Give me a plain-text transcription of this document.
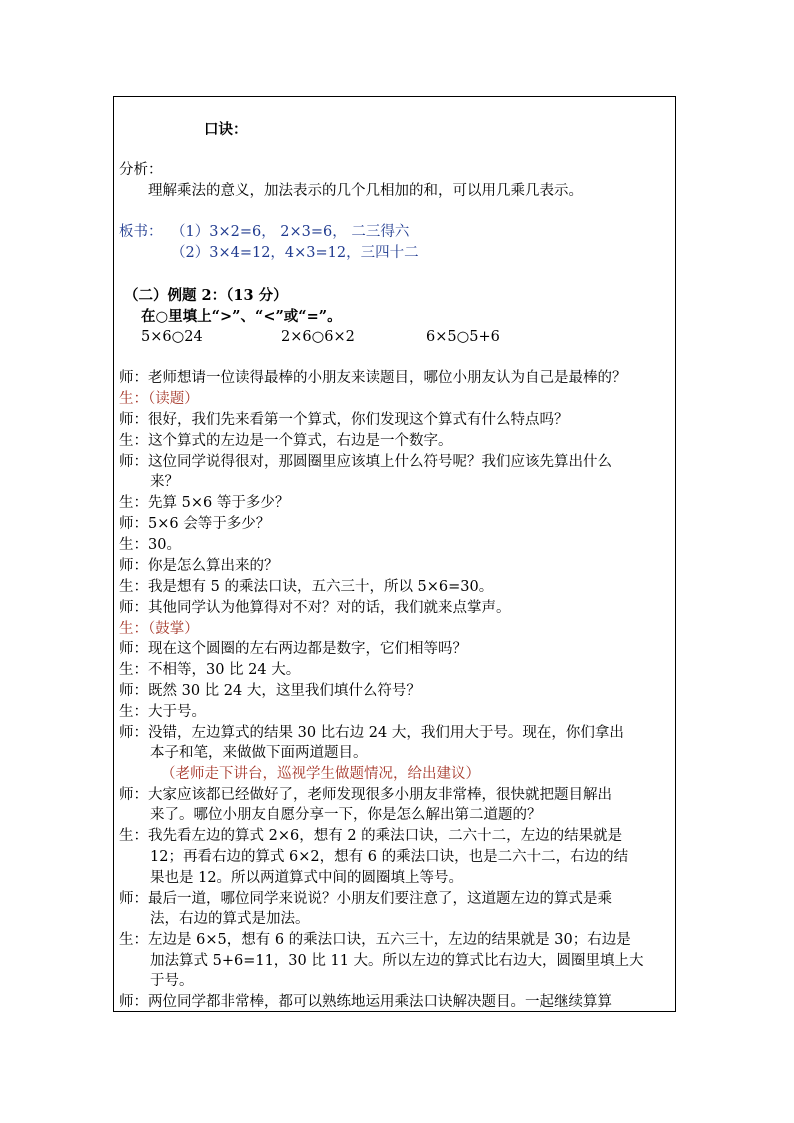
口诀：
分析：
理解乘法的意义，加法表示的几个几相加的和，可以用几乘几表示。
板书： （1）3×2=6， 2×3=6， 二三得六
（2）3×4=12，4×3=12，三四十二
（二）例题 2：（13 分）
在○里填上“>”、“<”或“=”。
5×6○24	2×6○6×2	6×5○5+6
师：老师想请一位读得最棒的小朋友来读题目，哪位小朋友认为自己是最棒的？
生：（读题）
师：很好，我们先来看第一个算式，你们发现这个算式有什么特点吗？
生：这个算式的左边是一个算式，右边是一个数字。
师：这位同学说得很对，那圆圈里应该填上什么符号呢？我们应该先算出什么
来？
生：先算 5×6 等于多少？
师：5×6 会等于多少？
生：30。
师：你是怎么算出来的？
生：我是想有 5 的乘法口诀，五六三十，所以 5×6=30。
师：其他同学认为他算得对不对？对的话，我们就来点掌声。
生：（鼓掌）
师：现在这个圆圈的左右两边都是数字，它们相等吗？
生：不相等，30 比 24 大。
师：既然 30 比 24 大，这里我们填什么符号？
生：大于号。
师：没错，左边算式的结果 30 比右边 24 大，我们用大于号。现在，你们拿出
本子和笔，来做做下面两道题目。
（老师走下讲台，巡视学生做题情况，给出建议）
师：大家应该都已经做好了，老师发现很多小朋友非常棒，很快就把题目解出
来了。哪位小朋友自愿分享一下，你是怎么解出第二道题的？
生：我先看左边的算式 2×6，想有 2 的乘法口诀，二六十二，左边的结果就是
12；再看右边的算式 6×2，想有 6 的乘法口诀，也是二六十二，右边的结
果也是 12。所以两道算式中间的圆圈填上等号。
师：最后一道，哪位同学来说说？小朋友们要注意了，这道题左边的算式是乘
法，右边的算式是加法。
生：左边是 6×5，想有 6 的乘法口诀，五六三十，左边的结果就是 30；右边是
加法算式 5+6=11，30 比 11 大。所以左边的算式比右边大，圆圈里填上大
于号。
师：两位同学都非常棒，都可以熟练地运用乘法口诀解决题目。一起继续算算
